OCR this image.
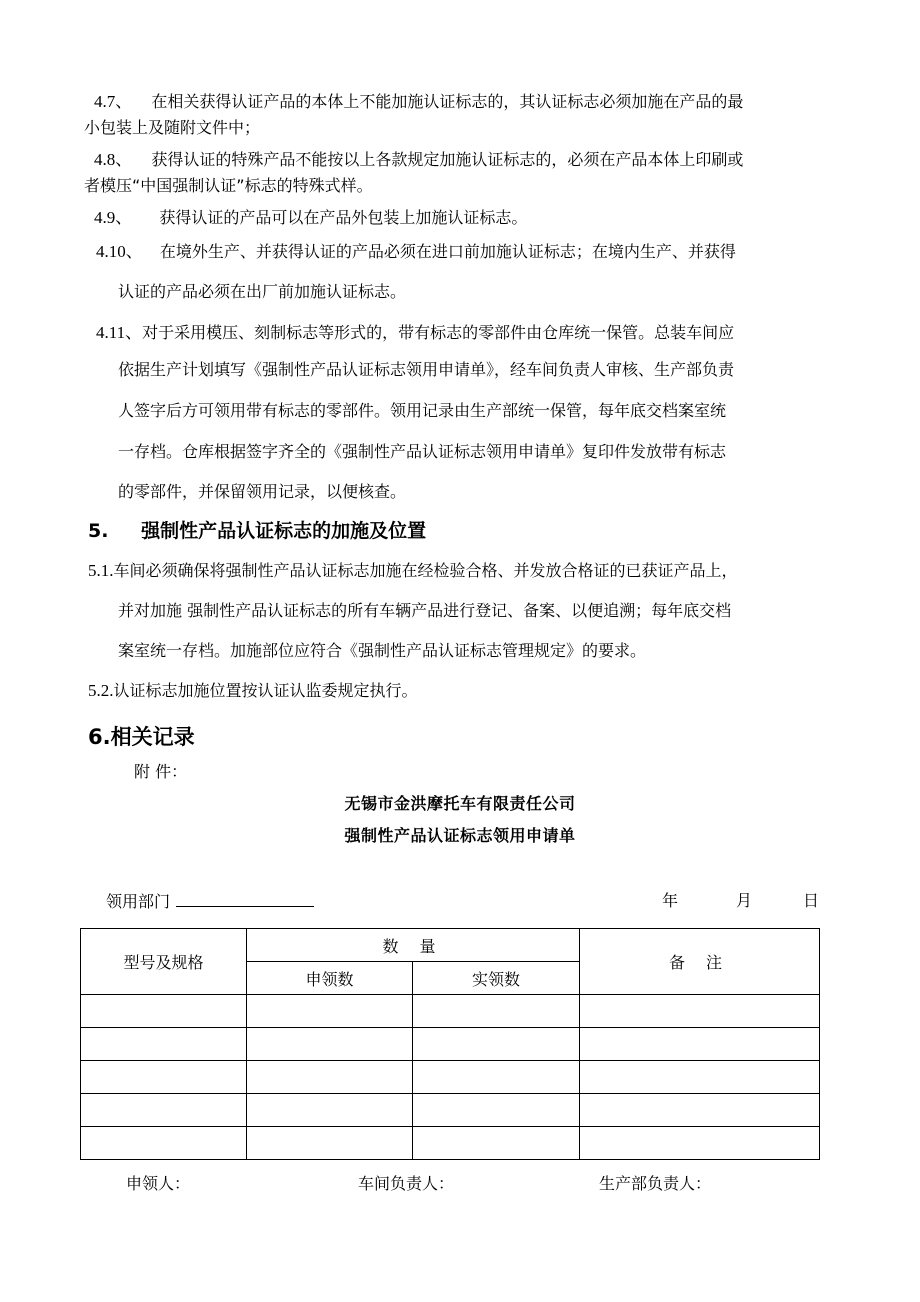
4.7、 在相关获得认证产品的本体上不能加施认证标志的，其认证标志必须加施在产品的最
小包装上及随附文件中；
4.8、 获得认证的特殊产品不能按以上各款规定加施认证标志的，必须在产品本体上印刷或
者模压“中国强制认证”标志的特殊式样。
4.9、 获得认证的产品可以在产品外包装上加施认证标志。
4.10、 在境外生产、并获得认证的产品必须在进口前加施认证标志；在境内生产、并获得
认证的产品必须在出厂前加施认证标志。
4.11、对于采用模压、刻制标志等形式的，带有标志的零部件由仓库统一保管。总装车间应
依据生产计划填写《强制性产品认证标志领用申请单》，经车间负责人审核、生产部负责
人签字后方可领用带有标志的零部件。领用记录由生产部统一保管，每年底交档案室统
一存档。仓库根据签字齐全的《强制性产品认证标志领用申请单》复印件发放带有标志
的零部件，并保留领用记录，以便核查。
5. 强制性产品认证标志的加施及位置
5.1.车间必须确保将强制性产品认证标志加施在经检验合格、并发放合格证的已获证产品上，
并对加施 强制性产品认证标志的所有车辆产品进行登记、备案、以便追溯；每年底交档
案室统一存档。加施部位应符合《强制性产品认证标志管理规定》的要求。
5.2.认证标志加施位置按认证认监委规定执行。
6.相关记录
附 件：
无锡市金洪摩托车有限责任公司
强制性产品认证标志领用申请单
领用部门	年	月	日
型号及规格	数 量		备 注
	申领数	实领数	

申领人：	车间负责人：	生产部负责人：
